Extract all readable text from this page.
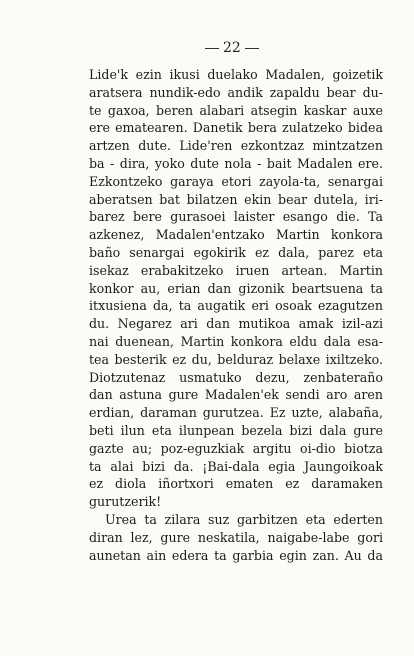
22
Lide'k ezin ikusi duelako Madalen, goizetik
aratsera nundik-edo andik zapaldu bear du-
te gaxoa, beren alabari atsegin kaskar auxe
ere ematearen. Danetik bera zulatzeko bidea
artzen dute. Lide'ren ezkontzaz mintzatzen
ba - dira, yoko dute nola - bait Madalen ere.
Ezkontzeko garaya etori zayola-ta, senargai
aberatsen bat bilatzen ekin bear dutela, iri-
barez bere gurasoei laister esango die. Ta
azkenez, Madalen'entzako Martin konkora
baño senargai egokirik ez dala, parez eta
isekaz erabakitzeko iruen artean. Martin
konkor au, erian dan gizonik beartsuena ta
itxusiena da, ta augatik eri osoak ezagutzen
du. Negarez ari dan mutikoa amak izil-azi
nai duenean, Martin konkora eldu dala esa-
tea besterik ez du, belduraz belaxe ixiltzeko.
Diotzutenaz usmatuko dezu, zenbateraño
dan astuna gure Madalen'ek sendi aro aren
erdian, daraman gurutzea. Ez uzte, alabaña,
beti ilun eta ilunpean bezela bizi dala gure
gazte au; poz-eguzkiak argitu oi-dio biotza
ta alai bizi da. ¡Bai-dala egia Jaungoikoak
ez diola iñortxori ematen ez daramaken
gurutzerik!
Urea ta zilara suz garbitzen eta ederten
diran lez, gure neskatila, naigabe-labe gori
aunetan ain edera ta garbia egin zan. Au da
